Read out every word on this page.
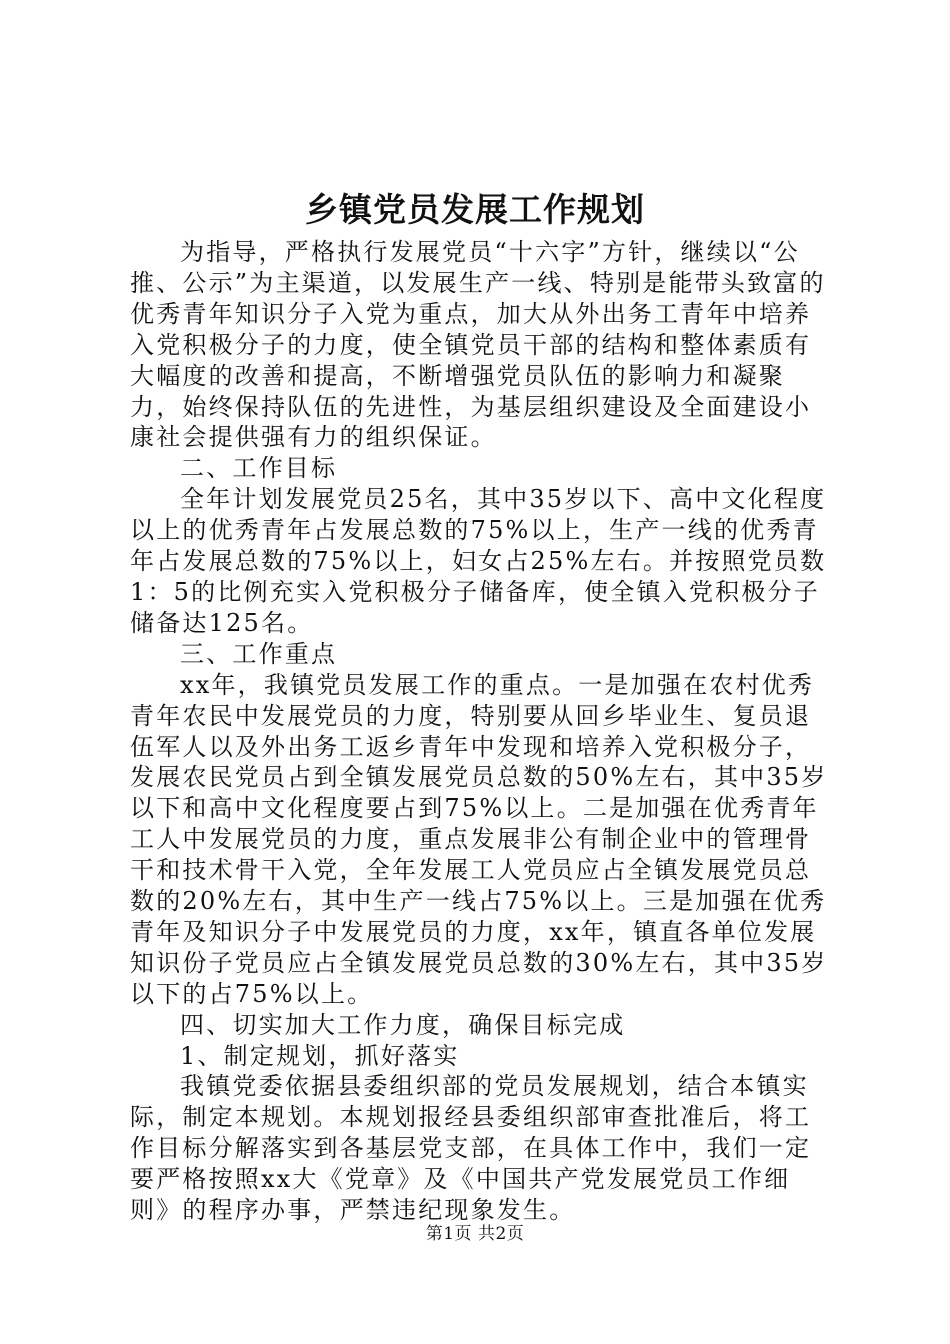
乡镇党员发展工作规划

为指导，严格执行发展党员“十六字”方针，继续以“公推、公示”为主渠道，以发展生产一线、特别是能带头致富的优秀青年知识分子入党为重点，加大从外出务工青年中培养入党积极分子的力度，使全镇党员干部的结构和整体素质有大幅度的改善和提高，不断增强党员队伍的影响力和凝聚力，始终保持队伍的先进性，为基层组织建设及全面建设小康社会提供强有力的组织保证。

二、工作目标

全年计划发展党员25名，其中35岁以下、高中文化程度以上的优秀青年占发展总数的75%以上，生产一线的优秀青年占发展总数的75%以上，妇女占25%左右。并按照党员数1：5的比例充实入党积极分子储备库，使全镇入党积极分子储备达125名。

三、工作重点

xx年，我镇党员发展工作的重点。一是加强在农村优秀青年农民中发展党员的力度，特别要从回乡毕业生、复员退伍军人以及外出务工返乡青年中发现和培养入党积极分子，发展农民党员占到全镇发展党员总数的50%左右，其中35岁以下和高中文化程度要占到75%以上。二是加强在优秀青年工人中发展党员的力度，重点发展非公有制企业中的管理骨干和技术骨干入党，全年发展工人党员应占全镇发展党员总数的20%左右，其中生产一线占75%以上。三是加强在优秀青年及知识分子中发展党员的力度，xx年，镇直各单位发展知识份子党员应占全镇发展党员总数的30%左右，其中35岁以下的占75%以上。

四、切实加大工作力度，确保目标完成

1、制定规划，抓好落实

我镇党委依据县委组织部的党员发展规划，结合本镇实际，制定本规划。本规划报经县委组织部审查批准后，将工作目标分解落实到各基层党支部，在具体工作中，我们一定要严格按照xx大《党章》及《中国共产党发展党员工作细则》的程序办事，严禁违纪现象发生。

第1页 共2页
